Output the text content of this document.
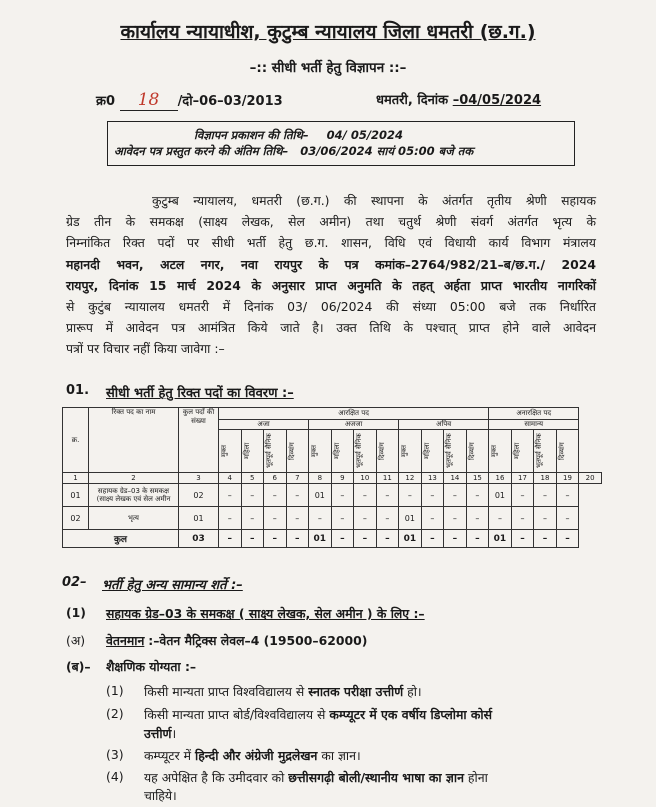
कार्यालय न्यायाधीश, कुटुम्ब न्यायालय जिला धमतरी (छ.ग.)
–:: सीधी भर्ती हेतु विज्ञापन ::–
क्र0 18 /दो–06–03/2013	धमतरी, दिनांक –04/05/2024
विज्ञापन प्रकाशन की तिथि– 04/ 05/2024
आवेदन पत्र प्रस्तुत करने की अंतिम तिथि– 03/06/2024 सायं 05:00 बजे तक
कुटुम्ब न्यायालय, धमतरी (छ.ग.) की स्थापना के अंतर्गत तृतीय श्रेणी सहायक
ग्रेड तीन के समकक्ष (साक्ष्य लेखक, सेल अमीन) तथा चतुर्थ श्रेणी संवर्ग अंतर्गत भृत्य के
निम्नांकित रिक्त पदों पर सीधी भर्ती हेतु छ.ग. शासन, विधि एवं विधायी कार्य विभाग मंत्रालय
महानदी भवन, अटल नगर, नवा रायपुर के पत्र कमांक–2764/982/21–ब/छ.ग./ 2024
रायपुर, दिनांक 15 मार्च 2024 के अनुसार प्राप्त अनुमति के तहत् अर्हता प्राप्त भारतीय नागरिकों
से कुटुंब न्यायालय धमतरी में दिनांक 03/ 06/2024 की संध्या 05:00 बजे तक निर्धारित
प्रारूप में आवेदन पत्र आमंत्रित किये जाते है। उक्त तिथि के पश्चात् प्राप्त होने वाले आवेदन
पत्रों पर विचार नहीं किया जावेगा :–
01. सीधी भर्ती हेतु रिक्त पदों का विवरण :–
क्र.	रिक्त पद का नाम	कुल पदों की संख्या	आरक्षित पद												अनारक्षित पद				
			अजा				अजजा				अपिव				सामान्य				

			मुक्त	महिला	भूतपूर्व सैनिक	दिव्यांग	मुक्त	महिला	भूतपूर्व सैनिक	दिव्यांग	मुक्त	महिला	भूतपूर्व सैनिक	दिव्यांग	मुक्त	महिला	भूतपूर्व सैनिक	दिव्यांग	

1	2	3	4	5	6	7	8	9	10	11	12	13	14	15	16	17	18	19	20
01	सहायक ग्रेड–03 के समकक्ष (साक्ष्य लेखक एवं सेल अमीन	02	–	–	–	–	01	–	–	–	–	–	–	–	01	–	–	–	
02	भृत्य	01	–	–	–	–	–	–	–	–	01	–	–	–	–	–	–	–	
कुल		03	–	–	–	–	01	–	–	–	01	–	–	–	01	–	–	–	
02– भर्ती हेतु अन्य सामान्य शर्ते :–
(1) सहायक ग्रेड–03 के समकक्ष ( साक्ष्य लेखक, सेल अमीन ) के लिए :–
(अ) वेतनमान :–वेतन मैट्रिक्स लेवल–4 (19500–62000)
(ब)– शैक्षणिक योग्यता :–
(1) किसी मान्यता प्राप्त विश्वविद्यालय से स्नातक परीक्षा उत्तीर्ण हो।
(2) किसी मान्यता प्राप्त बोर्ड/विश्वविद्यालय से कम्प्यूटर में एक वर्षीय डिप्लोमा कोर्स
उत्तीर्ण।
(3) कम्प्यूटर में हिन्दी और अंग्रेजी मुद्रलेखन का ज्ञान।
(4) यह अपेक्षित है कि उमीदवार को छत्तीसगढ़ी बोली/स्थानीय भाषा का ज्ञान होना
चाहिये।
